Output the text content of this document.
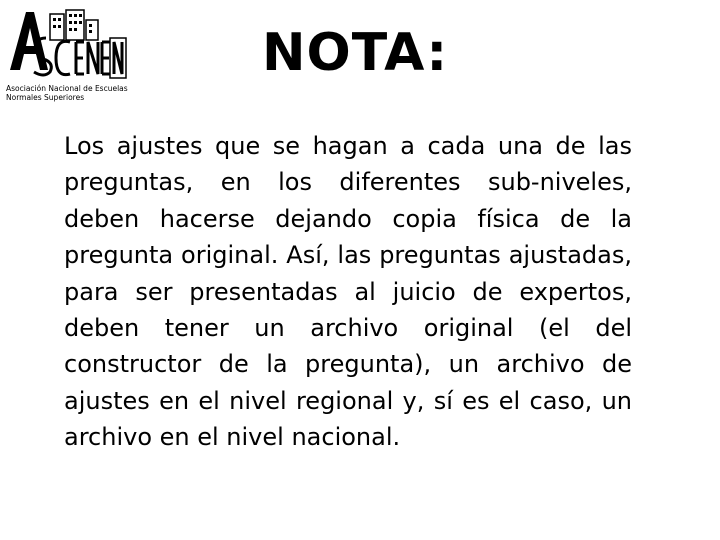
Asociación Nacional de Escuelas
Normales Superiores
NOTA:

Los ajustes que se hagan a cada una de las preguntas, en los diferentes sub-niveles, deben hacerse dejando copia física de la pregunta original. Así, las preguntas ajustadas, para ser presentadas al juicio de expertos, deben tener un archivo original (el del constructor de la pregunta), un archivo de ajustes en el nivel regional y, sí es el caso, un archivo en el nivel nacional.
